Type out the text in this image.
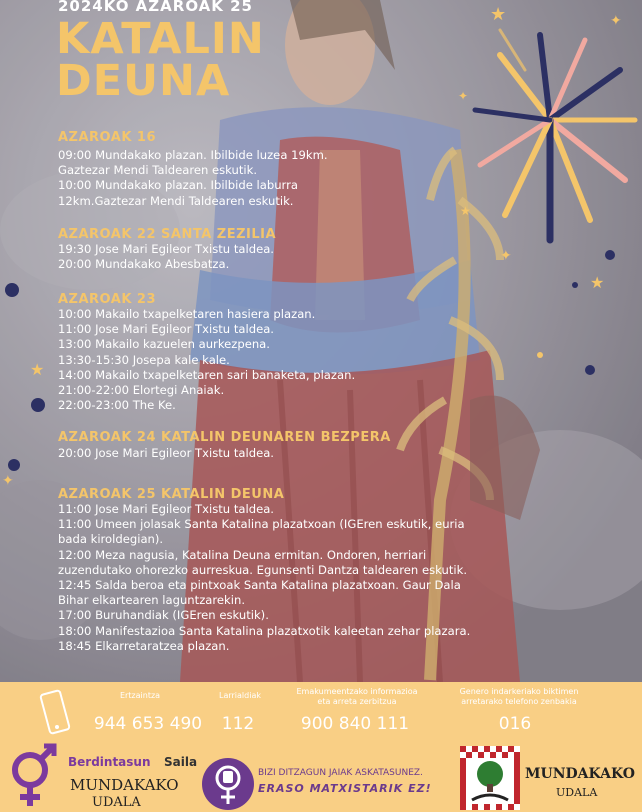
★	✦
✦
★
★
✦
★
✦
2024KO AZAROAK 25
KATALIN
DEUNA
AZAROAK 16
09:00 Mundakako plazan. Ibilbide luzea 19km.
Gaztezar Mendi Taldearen eskutik.
10:00 Mundakako plazan. Ibilbide laburra
12km.Gaztezar Mendi Taldearen eskutik.
AZAROAK 22 SANTA ZEZILIA
19:30 Jose Mari Egileor Txistu taldea.
20:00 Mundakako Abesbatza.
AZAROAK 23
10:00 Makailo txapelketaren hasiera plazan.
11:00 Jose Mari Egileor Txistu taldea.
13:00 Makailo kazuelen aurkezpena.
13:30-15:30 Josepa kale kale.
14:00 Makailo txapelketaren sari banaketa, plazan.
21:00-22:00 Elortegi Anaiak.
22:00-23:00 The Ke.
AZAROAK 24 KATALIN DEUNAREN BEZPERA
20:00 Jose Mari Egileor Txistu taldea.
AZAROAK 25 KATALIN DEUNA
11:00 Jose Mari Egileor Txistu taldea.
11:00 Umeen jolasak Santa Katalina plazatxoan (IGEren eskutik, euria
bada kiroldegian).
12:00 Meza nagusia, Katalina Deuna ermitan. Ondoren, herriari
zuzendutako ohorezko aurreskua. Egunsenti Dantza taldearen eskutik.
12:45 Salda beroa eta pintxoak Santa Katalina plazatxoan. Gaur Dala
Bihar elkartearen laguntzarekin.
17:00 Buruhandiak (IGEren eskutik).
18:00 Manifestazioa Santa Katalina plazatxotik kaleetan zehar plazara.
18:45 Elkarretaratzea plazan.
Ertzaintza
944 653 490
Larrialdiak
112
Emakumeentzako informazioa
eta arreta zerbitzua
900 840 111
Genero indarkeriako biktimen
arretarako telefono zenbakia
016
Berdintasun Saila
MUNDAKAKO
UDALA
BIZI DITZAGUN JAIAK ASKATASUNEZ.
ERASO MATXISTARIK EZ!
MUNDAKAKO
UDALA
